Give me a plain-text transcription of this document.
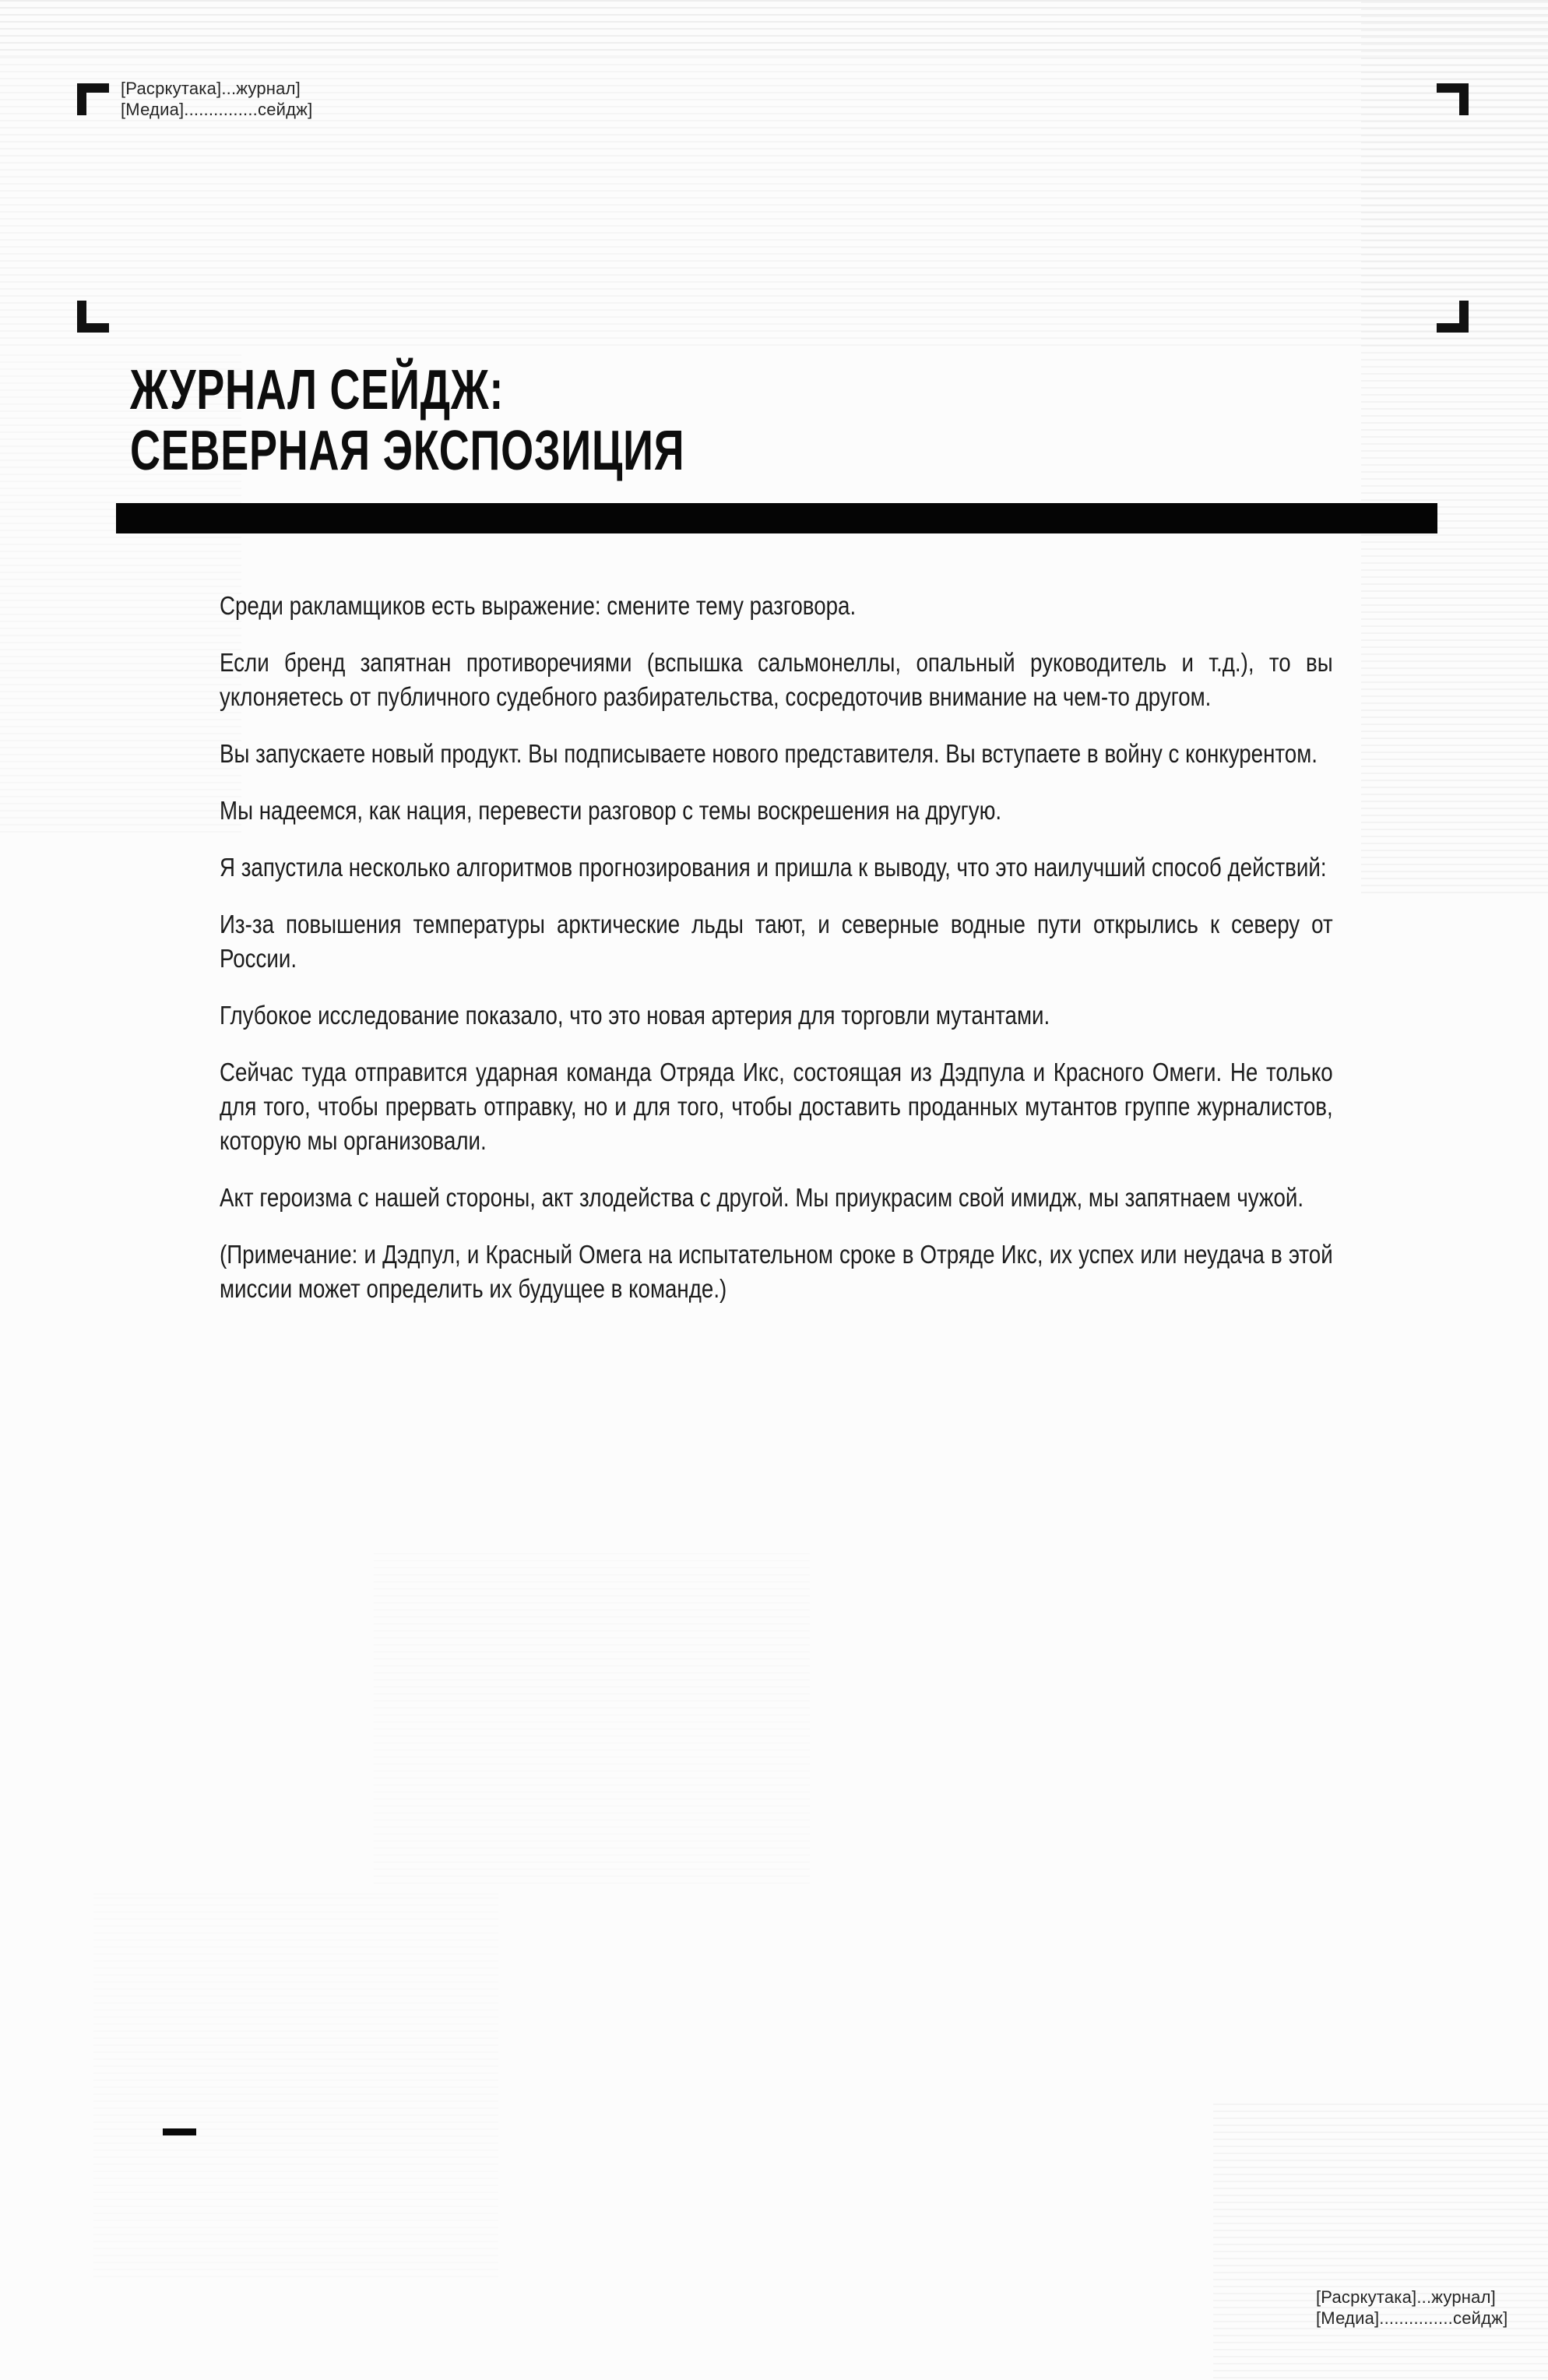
[Расркутака]...журнал]
[Медиа]...............сейдж]
ЖУРНАЛ СЕЙДЖ:
СЕВЕРНАЯ ЭКСПОЗИЦИЯ

Среди ракламщиков есть выражение: смените тему разговора.

Если бренд запятнан противоречиями (вспышка сальмонеллы, опальный руководитель и т.д.), то вы уклоняетесь от публичного судебного разбирательства, сосредоточив внимание на чем-то другом.

Вы запускаете новый продукт. Вы подписываете нового представителя. Вы вступаете в войну с конкурентом.

Мы надеемся, как нация, перевести разговор с темы воскрешения на другую.

Я запустила несколько алгоритмов прогнозирования и пришла к выводу, что это наилучший способ действий:

Из-за повышения температуры арктические льды тают, и северные водные пути открылись к северу от России.

Глубокое исследование показало, что это новая артерия для торговли мутантами.

Сейчас туда отправится ударная команда Отряда Икс, состоящая из Дэдпула и Красного Омеги. Не только для того, чтобы прервать отправку, но и для того, чтобы доставить проданных мутантов группе журналистов, которую мы организовали.

Акт героизма с нашей стороны, акт злодейства с другой. Мы приукрасим свой имидж, мы запятнаем чужой.

(Примечание: и Дэдпул, и Красный Омега на испытательном сроке в Отряде Икс, их успех или неудача в этой миссии может определить их будущее в команде.)

[Расркутака]...журнал]
[Медиа]...............сейдж]
